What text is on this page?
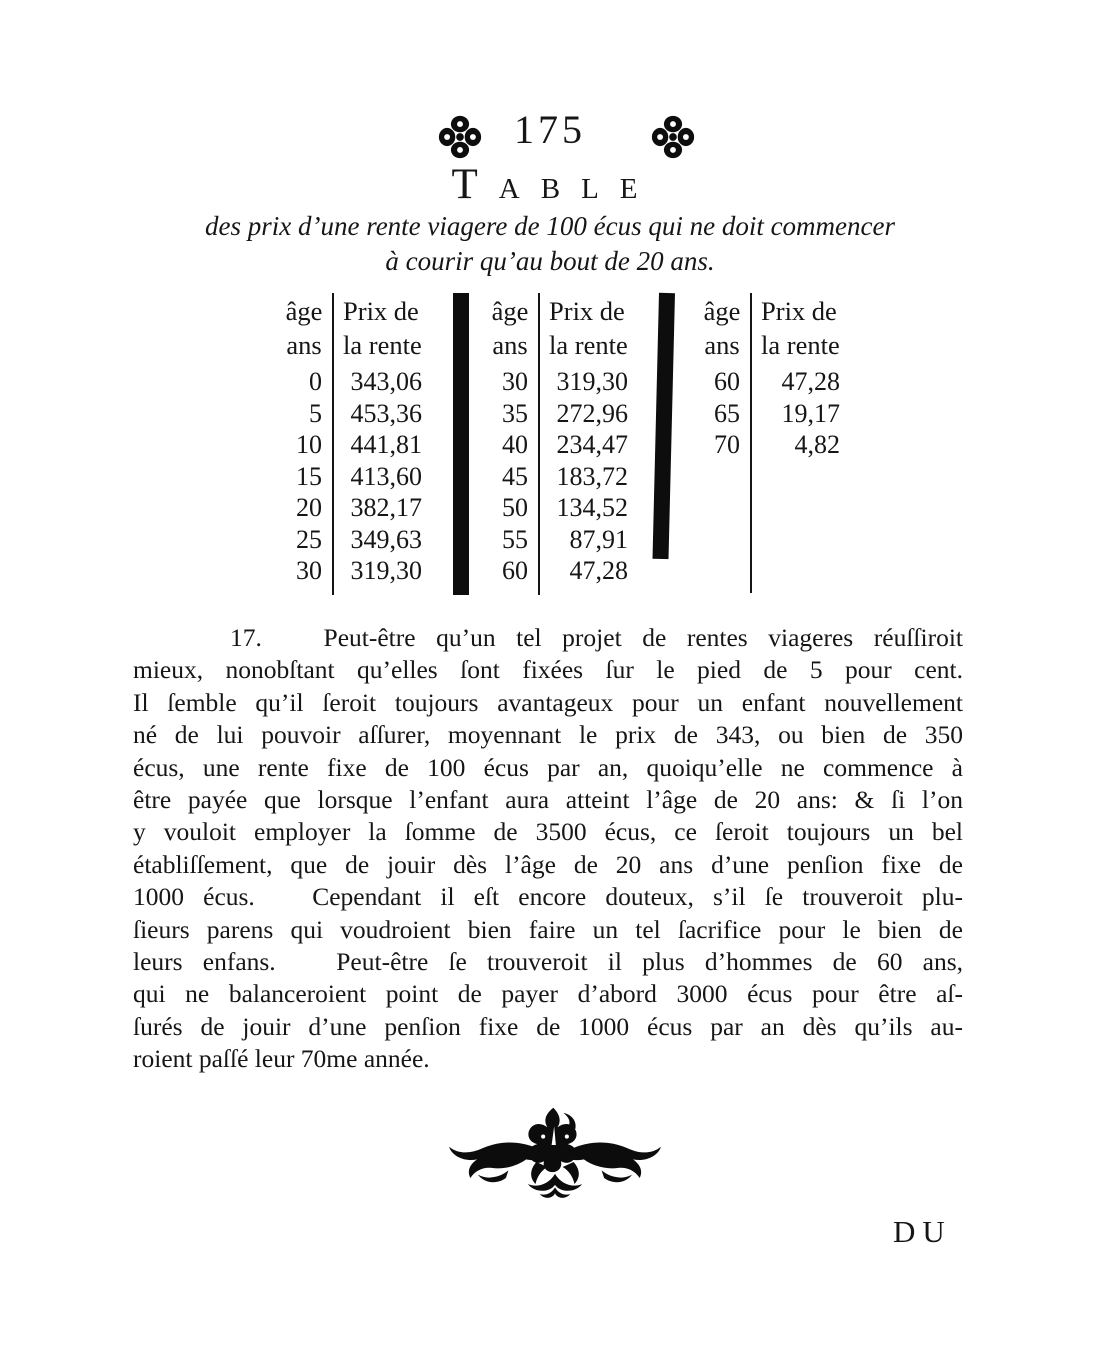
175
TABLE
des prix d’une rente viagere de 100 écus qui ne doit commencer
à courir qu’au bout de 20 ans.
âge
ans
Prix de
la rente
0	343,06
5	453,36
10	441,81
15	413,60
20	382,17
25	349,63
30	319,30
âge
ans
Prix de
la rente
30	319,30
35	272,96
40	234,47
45	183,72
50	134,52
55	87,91
60	47,28
âge
ans
Prix de
la rente
60	47,28
65	19,17
70	4,82
17.   Peut-être qu’un tel projet de rentes viageres réuſſiroit
mieux, nonobſtant qu’elles ſont fixées ſur le pied de 5 pour cent.
Il ſemble qu’il ſeroit toujours avantageux pour un enfant nouvellement
né de lui pouvoir aſſurer, moyennant le prix de 343, ou bien de 350
écus, une rente fixe de 100 écus par an, quoiqu’elle ne commence à
être payée que lorsque l’enfant aura atteint l’âge de 20 ans: & ſi l’on
y vouloit employer la ſomme de 3500 écus, ce ſeroit toujours un bel
établiſſement, que de jouir dès l’âge de 20 ans d’une penſion fixe de
1000 écus.   Cependant il eſt encore douteux, s’il ſe trouveroit plu-
ſieurs parens qui voudroient bien faire un tel ſacrifice pour le bien de
leurs enfans.   Peut-être ſe trouveroit il plus d’hommes de 60 ans,
qui ne balanceroient point de payer d’abord 3000 écus pour être aſ-
ſurés de jouir d’une penſion fixe de 1000 écus par an dès qu’ils au-
roient paſſé leur 70me année.
DU
